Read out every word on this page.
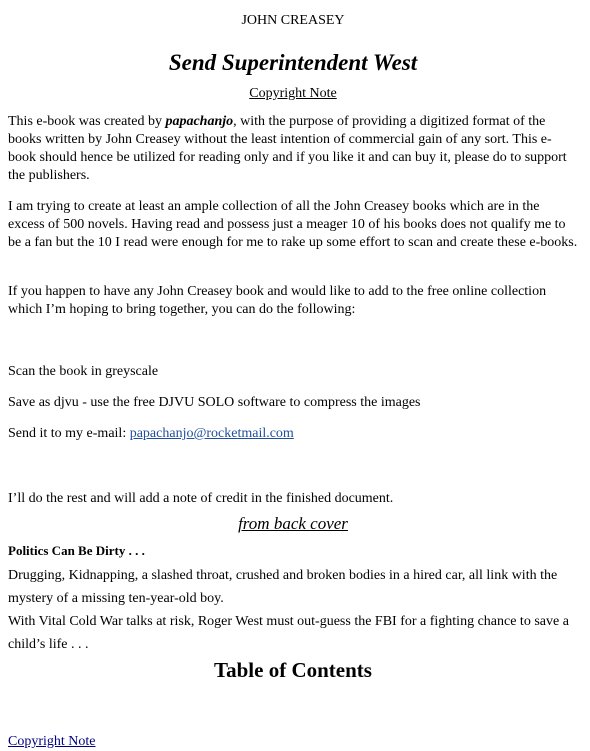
JOHN CREASEY
Send Superintendent West
Copyright Note

This e-book was created by papachanjo, with the purpose of providing a digitized format of the books written by John Creasey without the least intention of commercial gain of any sort. This e-book should hence be utilized for reading only and if you like it and can buy it, please do to support the publishers.

I am trying to create at least an ample collection of all the John Creasey books which are in the excess of 500 novels. Having read and possess just a meager 10 of his books does not qualify me to be a fan but the 10 I read were enough for me to rake up some effort to scan and create these e-books.

If you happen to have any John Creasey book and would like to add to the free online collection which I’m hoping to bring together, you can do the following:

Scan the book in greyscale

Save as djvu - use the free DJVU SOLO software to compress the images

Send it to my e-mail: papachanjo@rocketmail.com

I’ll do the rest and will add a note of credit in the finished document.

from back cover
Politics Can Be Dirty . . .

Drugging, Kidnapping, a slashed throat, crushed and broken bodies in a hired car, all link with the mystery of a missing ten-year-old boy.

With Vital Cold War talks at risk, Roger West must out-guess the FBI for a fighting chance to save a child’s life . . .

Table of Contents
Copyright Note
